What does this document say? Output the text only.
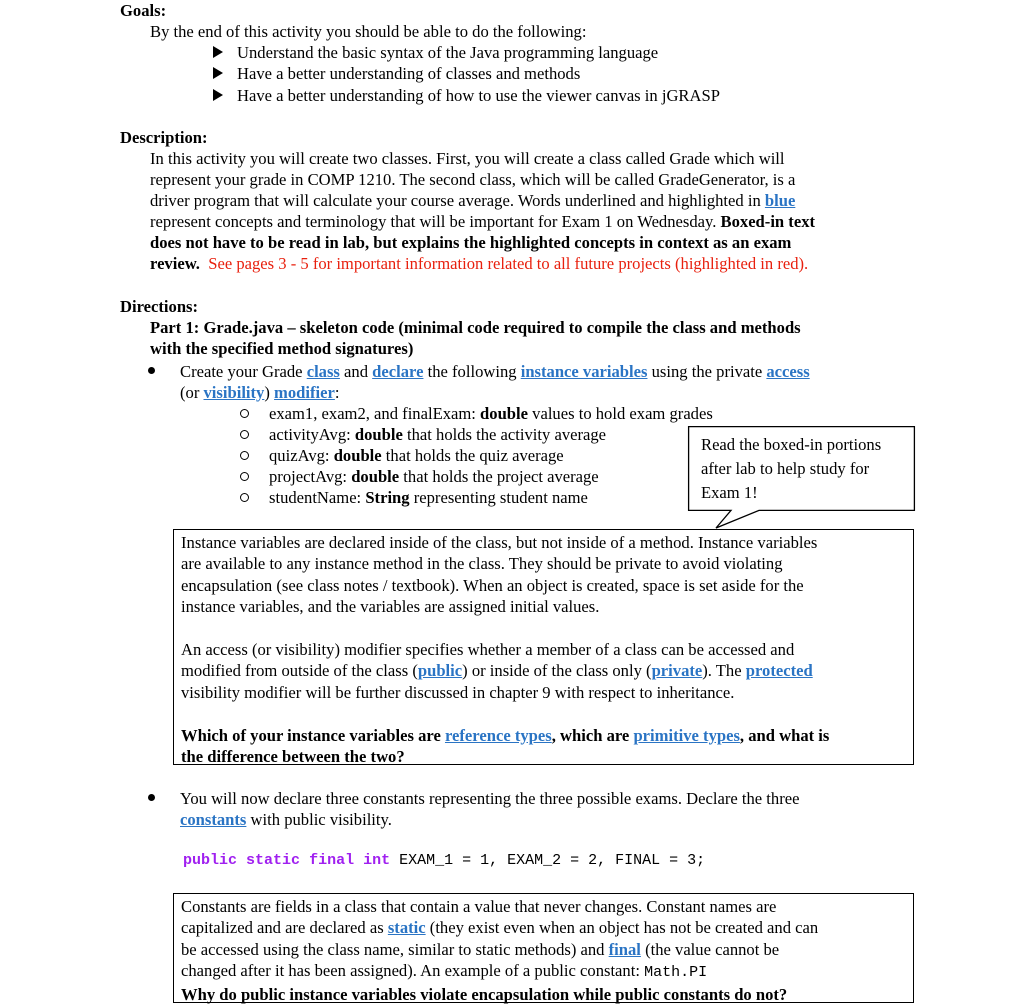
Goals:
By the end of this activity you should be able to do the following:
Understand the basic syntax of the Java programming language
Have a better understanding of classes and methods
Have a better understanding of how to use the viewer canvas in jGRASP
Description:
In this activity you will create two classes. First, you will create a class called Grade which will
represent your grade in COMP 1210. The second class, which will be called GradeGenerator, is a
driver program that will calculate your course average. Words underlined and highlighted in blue
represent concepts and terminology that will be important for Exam 1 on Wednesday. Boxed-in text
does not have to be read in lab, but explains the highlighted concepts in context as an exam
review. See pages 3 - 5 for important information related to all future projects (highlighted in red).
Directions:
Part 1: Grade.java – skeleton code (minimal code required to compile the class and methods
with the specified method signatures)
Create your Grade class and declare the following instance variables using the private access
(or visibility) modifier:
exam1, exam2, and finalExam: double values to hold exam grades
activityAvg: double that holds the activity average
quizAvg: double that holds the quiz average
projectAvg: double that holds the project average
studentName: String representing student name
Read the boxed-in portions
after lab to help study for
Exam 1!
Instance variables are declared inside of the class, but not inside of a method. Instance variables
are available to any instance method in the class. They should be private to avoid violating
encapsulation (see class notes / textbook). When an object is created, space is set aside for the
instance variables, and the variables are assigned initial values.
An access (or visibility) modifier specifies whether a member of a class can be accessed and
modified from outside of the class (public) or inside of the class only (private). The protected
visibility modifier will be further discussed in chapter 9 with respect to inheritance.
Which of your instance variables are reference types, which are primitive types, and what is
the difference between the two?
You will now declare three constants representing the three possible exams. Declare the three
constants with public visibility.
public static final int EXAM_1 = 1, EXAM_2 = 2, FINAL = 3;
Constants are fields in a class that contain a value that never changes. Constant names are
capitalized and are declared as static (they exist even when an object has not be created and can
be accessed using the class name, similar to static methods) and final (the value cannot be
changed after it has been assigned). An example of a public constant: Math.PI
Why do public instance variables violate encapsulation while public constants do not?
